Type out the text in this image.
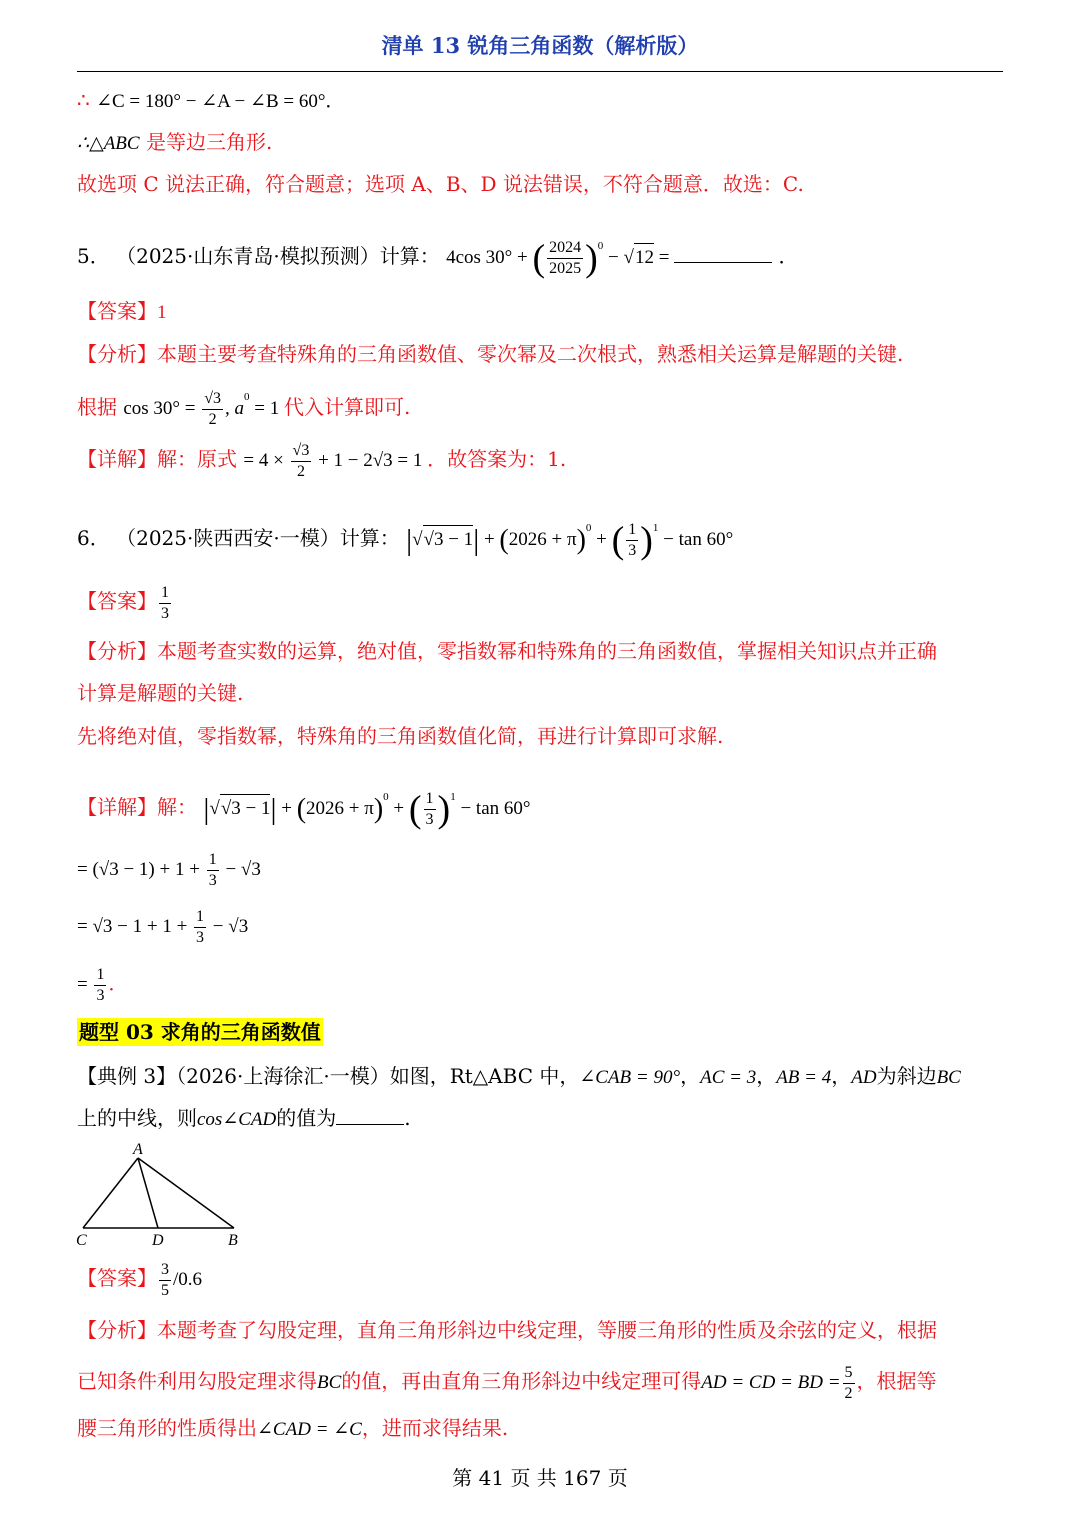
清单 13 锐角三角函数（解析版）
∴ ∠C = 180° − ∠A − ∠B = 60°．
∴△ABC 是等边三角形.
故选项 C 说法正确，符合题意；选项 A、B、D 说法错误，不符合题意．故选：C.
5． （2025·山东青岛·模拟预测）计算： 4cos 30° + ( $\frac{2024}{2025} )^0 - √12$ =	．
【答案】1
【分析】本题主要考查特殊角的三角函数值、零次幂及二次根式，熟悉相关运算是解题的关键.
根据 $\cos 30^\circ = \frac{√3}{2}$ , $a^0 = 1$ 代入计算即可.
【详解】解：原式 = $4 \times \frac{√3}{2} + 1 - 2√3 = 1$ ．故答案为：1.
6． （2025·陕西西安·一模）计算： $|√√3 - 1| + (2026 + \pi)^0$ + ( $\frac{1}{3} )^1 - \tan 60^\circ$
【答案】 $\frac{1}{3}$
【分析】本题考查实数的运算，绝对值，零指数幂和特殊角的三角函数值，掌握相关知识点并正确
计算是解题的关键.
先将绝对值，零指数幂，特殊角的三角函数值化简，再进行计算即可求解.
【详解】解： $|√√3 - 1| + (2026 + \pi)^0$ + ( $\frac{1}{3} )^1 - \tan 60^\circ$
= $(√3 - 1) + 1 + \frac{1}{3} - √3$
= $√3 - 1 + 1 + \frac{1}{3} - √3$
= $\frac{1}{3}$ ．
题型 03 求角的三角函数值
【典例 3】（2026·上海徐汇·一模）如图，Rt△ABC 中，∠CAB = 90°，AC = 3，AB = 4，AD为斜边BC
上的中线，则cos∠CAD的值为	.
A
C	D	B
【答案】 $\frac{3}{5} /0.6$
【分析】本题考查了勾股定理，直角三角形斜边中线定理，等腰三角形的性质及余弦的定义，根据
已知条件利用勾股定理求得BC的值，再由直角三角形斜边中线定理可得AD = CD = BD = $\frac{5}{2}$ ，根据等
腰三角形的性质得出∠CAD = ∠C，进而求得结果.
第 41 页 共 167 页
